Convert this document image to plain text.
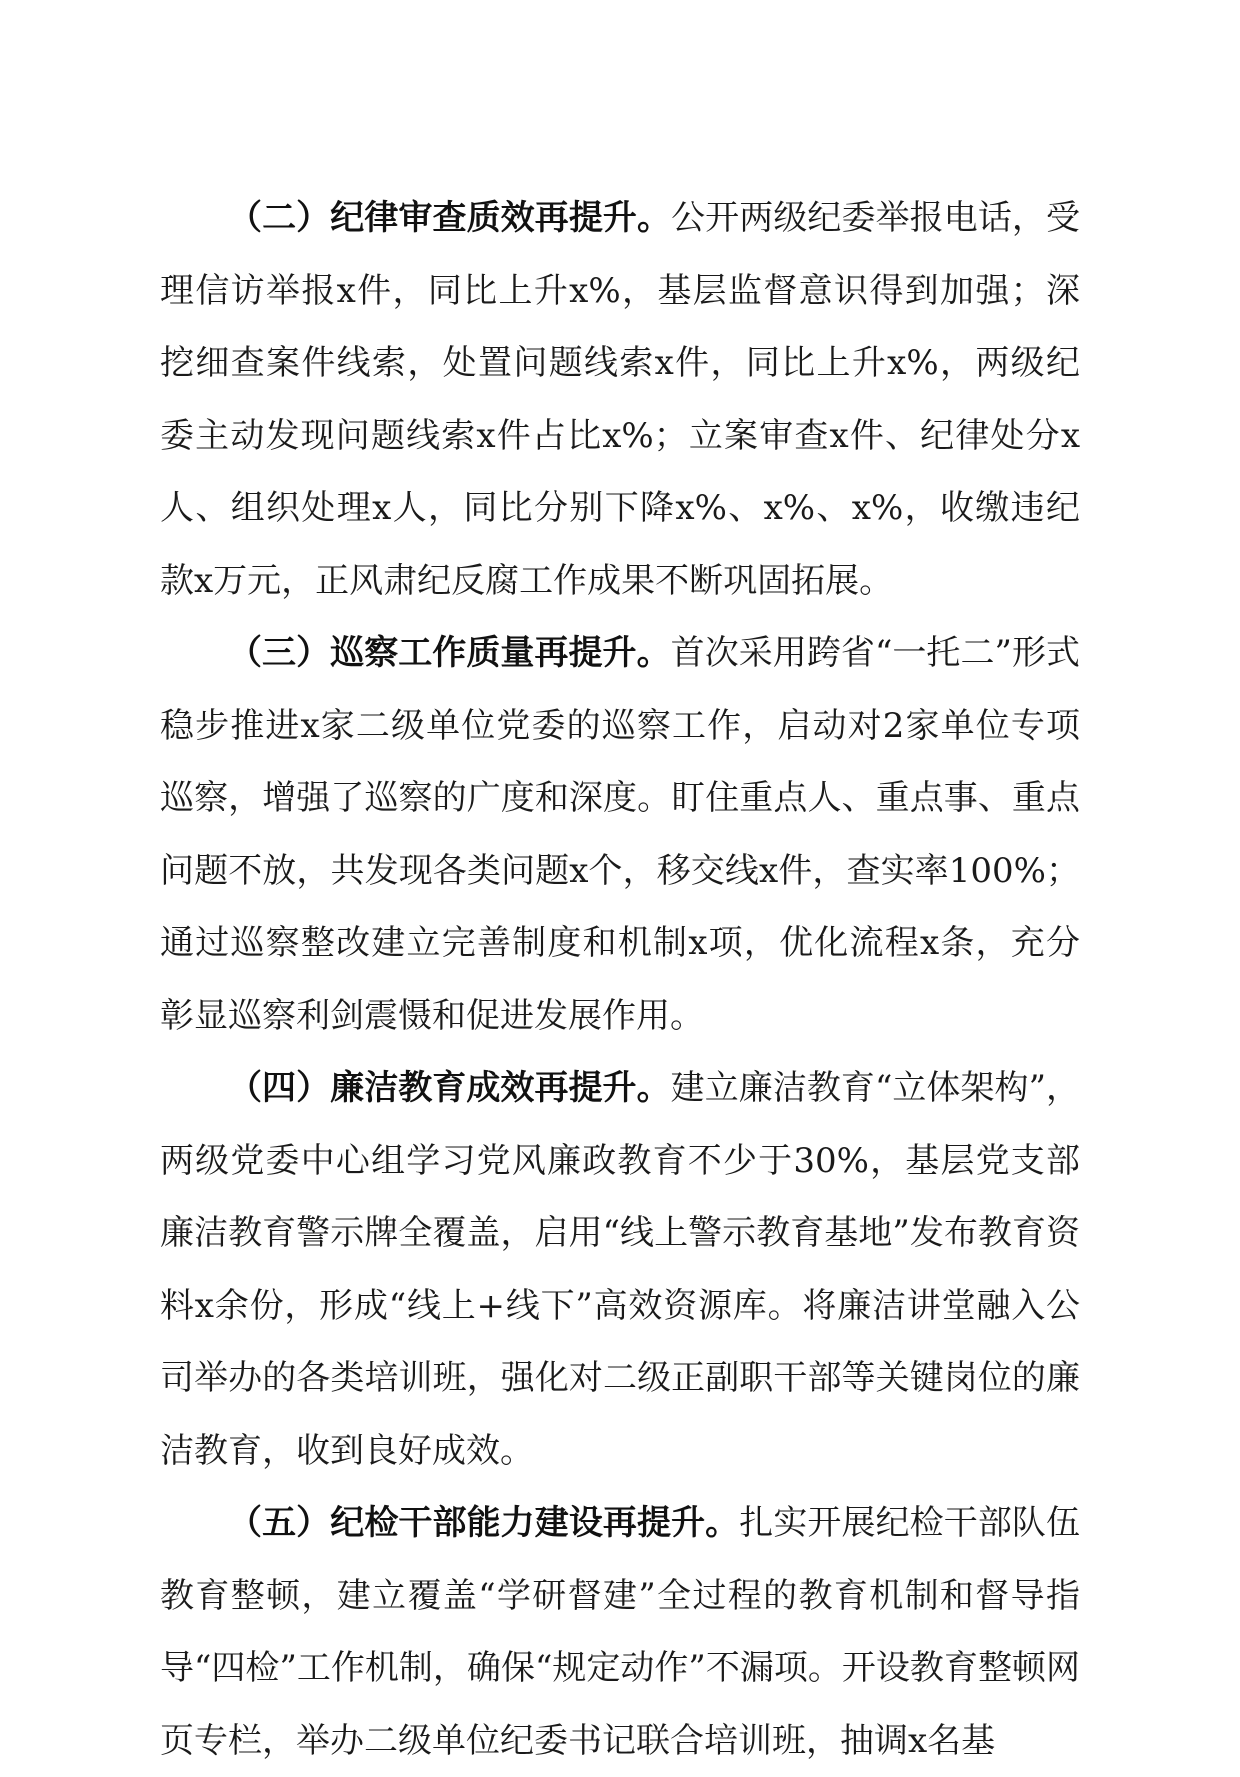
（二）纪律审查质效再提升。公开两级纪委举报电话，受理信访举报x件，同比上升x%，基层监督意识得到加强；深挖细查案件线索，处置问题线索x件，同比上升x%，两级纪委主动发现问题线索x件占比x%；立案审查x件、纪律处分x人、组织处理x人，同比分别下降x%、x%、x%，收缴违纪款x万元，正风肃纪反腐工作成果不断巩固拓展。

（三）巡察工作质量再提升。首次采用跨省“一托二”形式稳步推进x家二级单位党委的巡察工作，启动对2家单位专项巡察，增强了巡察的广度和深度。盯住重点人、重点事、重点问题不放，共发现各类问题x个，移交线x件，查实率100%；通过巡察整改建立完善制度和机制x项，优化流程x条，充分彰显巡察利剑震慑和促进发展作用。

（四）廉洁教育成效再提升。建立廉洁教育“立体架构”，两级党委中心组学习党风廉政教育不少于30%，基层党支部廉洁教育警示牌全覆盖，启用“线上警示教育基地”发布教育资料x余份，形成“线上+线下”高效资源库。将廉洁讲堂融入公司举办的各类培训班，强化对二级正副职干部等关键岗位的廉洁教育，收到良好成效。

（五）纪检干部能力建设再提升。扎实开展纪检干部队伍教育整顿，建立覆盖“学研督建”全过程的教育机制和督导指导“四检”工作机制，确保“规定动作”不漏项。开设教育整顿网页专栏，举办二级单位纪委书记联合培训班，抽调x名基
